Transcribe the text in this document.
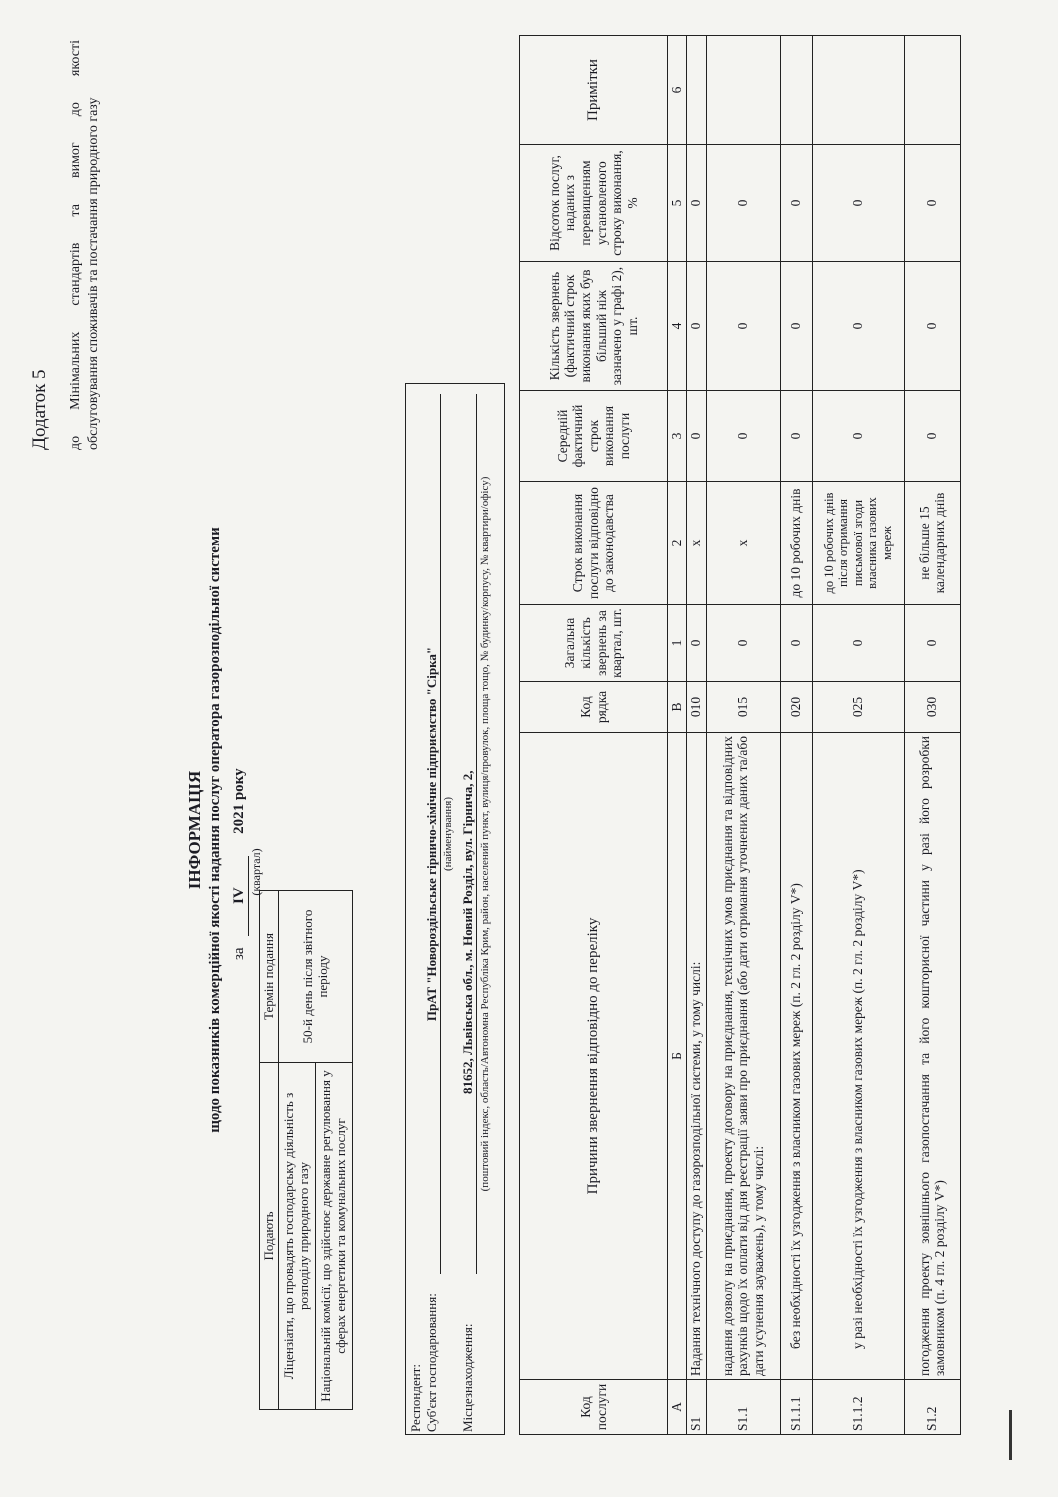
Додаток 5 до Мінімальних стандартів та вимог до якості обслуговування споживачів та постачання природного газу
ІНФОРМАЦІЯ щодо показників комерційної якості надання послуг оператора газорозподільної системи за IV 2021 року
(квартал)
Подають	Термін подання
Ліцензіати, що провадять господарську діяльність з розподілу природного газу	50-й день після звітного періоду
Національній комісії, що здійснює державне регулювання у сферах енергетики та комунальних послуг	
Респондент: Суб'єкт господарювання:
ПрАТ "Новороздільське гірничо-хімічне підприємство "Сірка" (найменування)
Місцезнаходження:
81652, Львівська обл., м. Новий Розділ, вул. Гірнича, 2, (поштовий індекс, область/Автономна Республіка Крим, район, населений пункт, вулиця/провулок, площа тощо, № будинку/корпусу, № квартири/офісу)
Код послуги	Причини звернення відповідно до переліку	Код рядка	Загальна кількість звернень за квартал, шт.	Строк виконання послуги відповідно до законодавства	Середній фактичний строк виконання послуги	Кількість звернень (фактичний строк виконання яких був більший ніж зазначено у графі 2), шт.	Відсоток послуг, наданих з перевищенням установленого строку виконання, %	Примітки
А	Б	В	1	2	3	4	5	6
S1	Надання технічного доступу до газорозподільної системи, у тому числі:	010	0	х	0	0	0	
S1.1	надання дозволу на приєднання, проекту договору на приєднання, технічних умов приєднання та відповідних рахунків щодо їх оплати від дня реєстрації заяви про приєднання (або дати отримання уточнених даних та/або дати усунення зауважень), у тому числі:	015	0	х	0	0	0	
S1.1.1	без необхідності їх узгодження з власником газових мереж (п. 2 гл. 2 розділу V*)	020	0	до 10 робочих днів	0	0	0	
S1.1.2	у разі необхідності їх узгодження з власником газових мереж (п. 2 гл. 2 розділу V*)	025	0	до 10 робочих днів після отримання письмової згоди власника газових мереж	0	0	0	
S1.2	погодження проекту зовнішнього газопостачання та його кошторисної частини у разі його розробки замовником (п. 4 гл. 2 розділу V*)	030	0	не більше 15 календарних днів	0	0	0	
